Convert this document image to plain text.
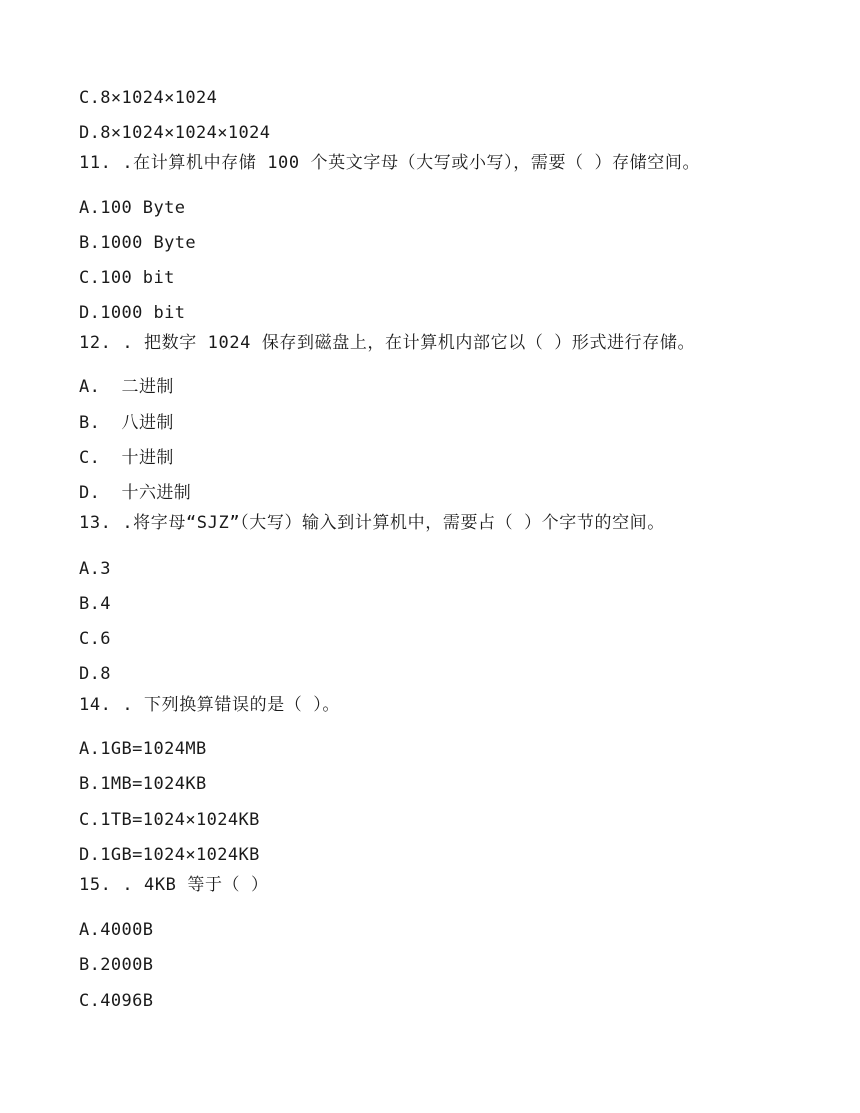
C.8×1024×1024
D.8×1024×1024×1024
11. .在计算机中存储 100 个英文字母（大写或小写），需要（ ）存储空间。
A.100 Byte
B.1000 Byte
C.100 bit
D.1000 bit
12. . 把数字 1024 保存到磁盘上，在计算机内部它以（ ）形式进行存储。
A.  二进制
B.  八进制
C.  十进制
D.  十六进制
13. .将字母“SJZ”（大写）输入到计算机中，需要占（ ）个字节的空间。
A.3
B.4
C.6
D.8
14. . 下列换算错误的是（ ）。
A.1GB=1024MB
B.1MB=1024KB
C.1TB=1024×1024KB
D.1GB=1024×1024KB
15. . 4KB 等于（ ）
A.4000B
B.2000B
C.4096B
